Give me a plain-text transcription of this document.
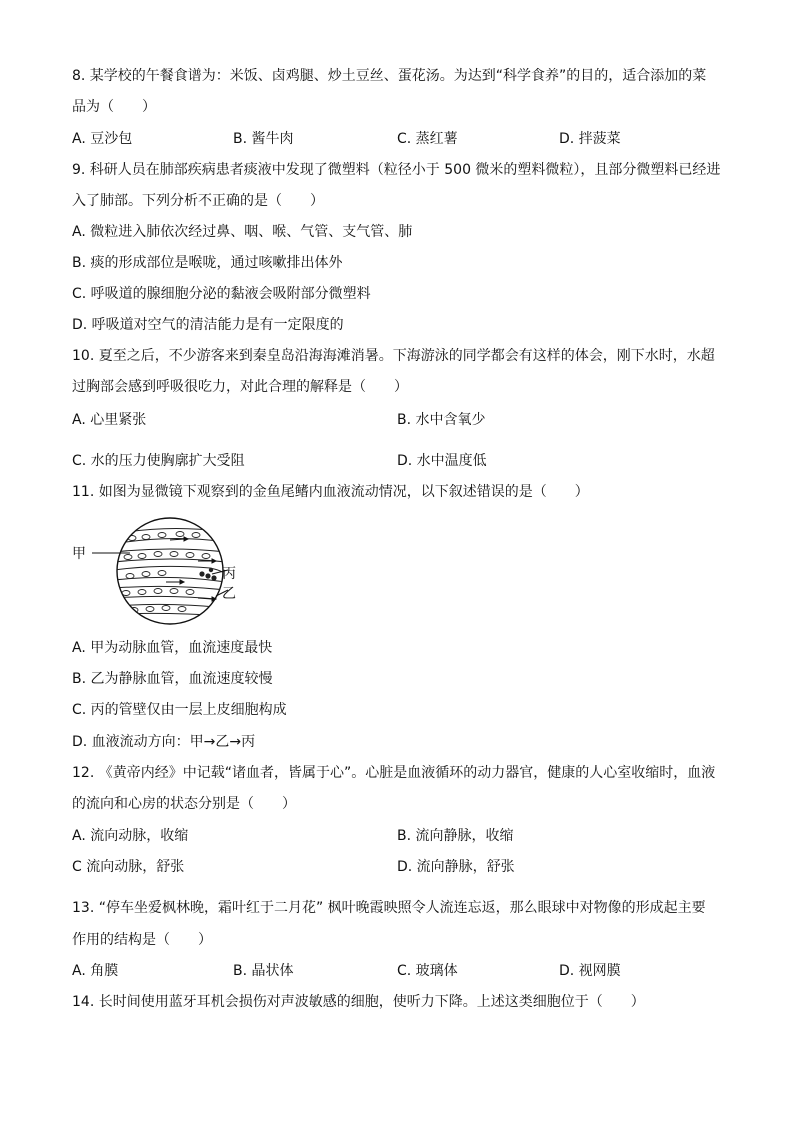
8. 某学校的午餐食谱为：米饭、卤鸡腿、炒土豆丝、蛋花汤。为达到“科学食养”的目的，适合添加的菜
品为（　　）
A. 豆沙包	B. 酱牛肉	C. 蒸红薯	D. 拌菠菜
9. 科研人员在肺部疾病患者痰液中发现了微塑料（粒径小于 500 微米的塑料微粒），且部分微塑料已经进
入了肺部。下列分析不正确的是（　　）
A. 微粒进入肺依次经过鼻、咽、喉、气管、支气管、肺
B. 痰的形成部位是喉咙，通过咳嗽排出体外
C. 呼吸道的腺细胞分泌的黏液会吸附部分微塑料
D. 呼吸道对空气的清洁能力是有一定限度的
10. 夏至之后，不少游客来到秦皇岛沿海海滩消暑。下海游泳的同学都会有这样的体会，刚下水时，水超
过胸部会感到呼吸很吃力，对此合理的解释是（　　）
A. 心里紧张	B. 水中含氧少
C. 水的压力使胸廓扩大受阻	D. 水中温度低
11. 如图为显微镜下观察到的金鱼尾鳍内血液流动情况，以下叙述错误的是（　　）
甲
丙
乙
A. 甲为动脉血管，血流速度最快
B. 乙为静脉血管，血流速度较慢
C. 丙的管壁仅由一层上皮细胞构成
D. 血液流动方向：甲→乙→丙
12. 《黄帝内经》中记载“诸血者，皆属于心”。心脏是血液循环的动力器官，健康的人心室收缩时，血液
的流向和心房的状态分别是（　　）
A. 流向动脉，收缩	B. 流向静脉，收缩
C 流向动脉，舒张	D. 流向静脉，舒张
13. “停车坐爱枫林晚，霜叶红于二月花” 枫叶晚霞映照令人流连忘返，那么眼球中对物像的形成起主要
作用的结构是（　　）
A. 角膜	B. 晶状体	C. 玻璃体	D. 视网膜
14. 长时间使用蓝牙耳机会损伤对声波敏感的细胞，使听力下降。上述这类细胞位于（　　）
